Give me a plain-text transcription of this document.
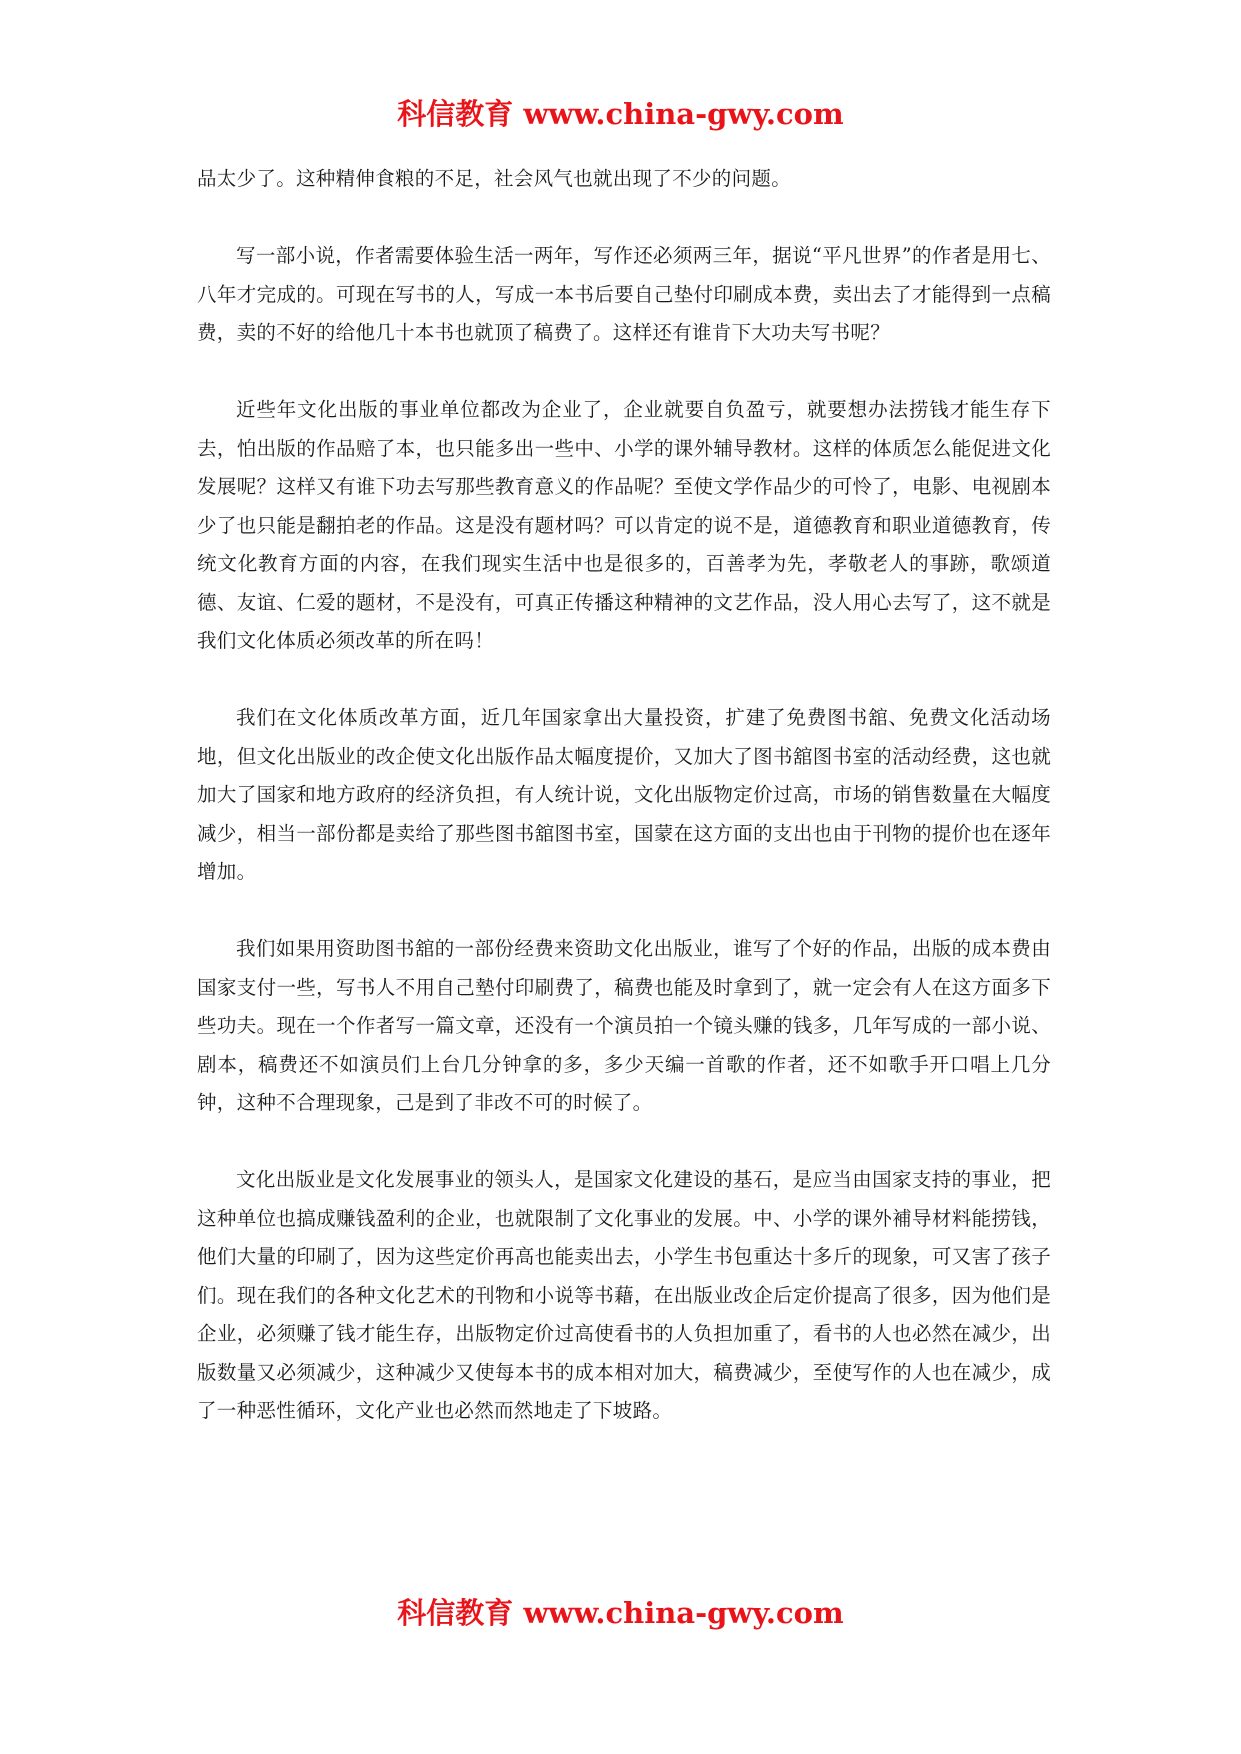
科信教育 www.china-gwy.com

品太少了。这种精伸食粮的不足，社会风气也就出现了不少的问题。

写一部小说，作者需要体验生活一两年，写作还必须两三年，据说“平凡世界”的作者是用七、八年才完成的。可现在写书的人，写成一本书后要自己垫付印刷成本费，卖出去了才能得到一点稿费，卖的不好的给他几十本书也就顶了稿费了。这样还有谁肯下大功夫写书呢？

近些年文化出版的事业单位都改为企业了，企业就要自负盈亏，就要想办法捞钱才能生存下去，怕出版的作品赔了本，也只能多出一些中、小学的课外辅导教材。这样的体质怎么能促进文化发展呢？这样又有谁下功去写那些教育意义的作品呢？至使文学作品少的可怜了，电影、电视剧本少了也只能是翻拍老的作品。这是没有题材吗？可以肯定的说不是，道德教育和职业道德教育，传统文化教育方面的内容，在我们现实生活中也是很多的，百善孝为先，孝敬老人的事跡，歌颂道德、友谊、仁爱的题材，不是没有，可真正传播这种精神的文艺作品，没人用心去写了，这不就是我们文化体质必须改革的所在吗！

我们在文化体质改革方面，近几年国家拿出大量投资，扩建了免费图书舘、免费文化活动场地，但文化出版业的改企使文化出版作品太幅度提价，又加大了图书舘图书室的活动经费，这也就加大了国家和地方政府的经济负担，有人统计说，文化出版物定价过高，市场的销售数量在大幅度减少，相当一部份都是卖给了那些图书舘图书室，国蒙在这方面的支出也由于刊物的提价也在逐年增加。

我们如果用资助图书舘的一部份经费来资助文化出版业，谁写了个好的作品，出版的成本费由国家支付一些，写书人不用自己墊付印刷费了，稿费也能及时拿到了，就一定会有人在这方面多下些功夫。现在一个作者写一篇文章，还没有一个演员拍一个镜头赚的钱多，几年写成的一部小说、剧本，稿费还不如演员们上台几分钟拿的多，多少天编一首歌的作者，还不如歌手开口唱上几分钟，这种不合理现象，己是到了非改不可的时候了。

文化出版业是文化发展事业的领头人，是国家文化建设的基石，是应当由国家支持的事业，把这种单位也搞成赚钱盈利的企业，也就限制了文化事业的发展。中、小学的课外補导材料能捞钱，他们大量的印刷了，因为这些定价再高也能卖出去，小学生书包重达十多斤的现象，可又害了孩子们。现在我们的各种文化艺术的刊物和小说等书藉，在出版业改企后定价提高了很多，因为他们是企业，必须赚了钱才能生存，出版物定价过高使看书的人负担加重了，看书的人也必然在减少，出版数量又必须减少，这种减少又使每本书的成本相对加大，稿费减少，至使写作的人也在减少，成了一种恶性循环，文化产业也必然而然地走了下坡路。

科信教育 www.china-gwy.com
